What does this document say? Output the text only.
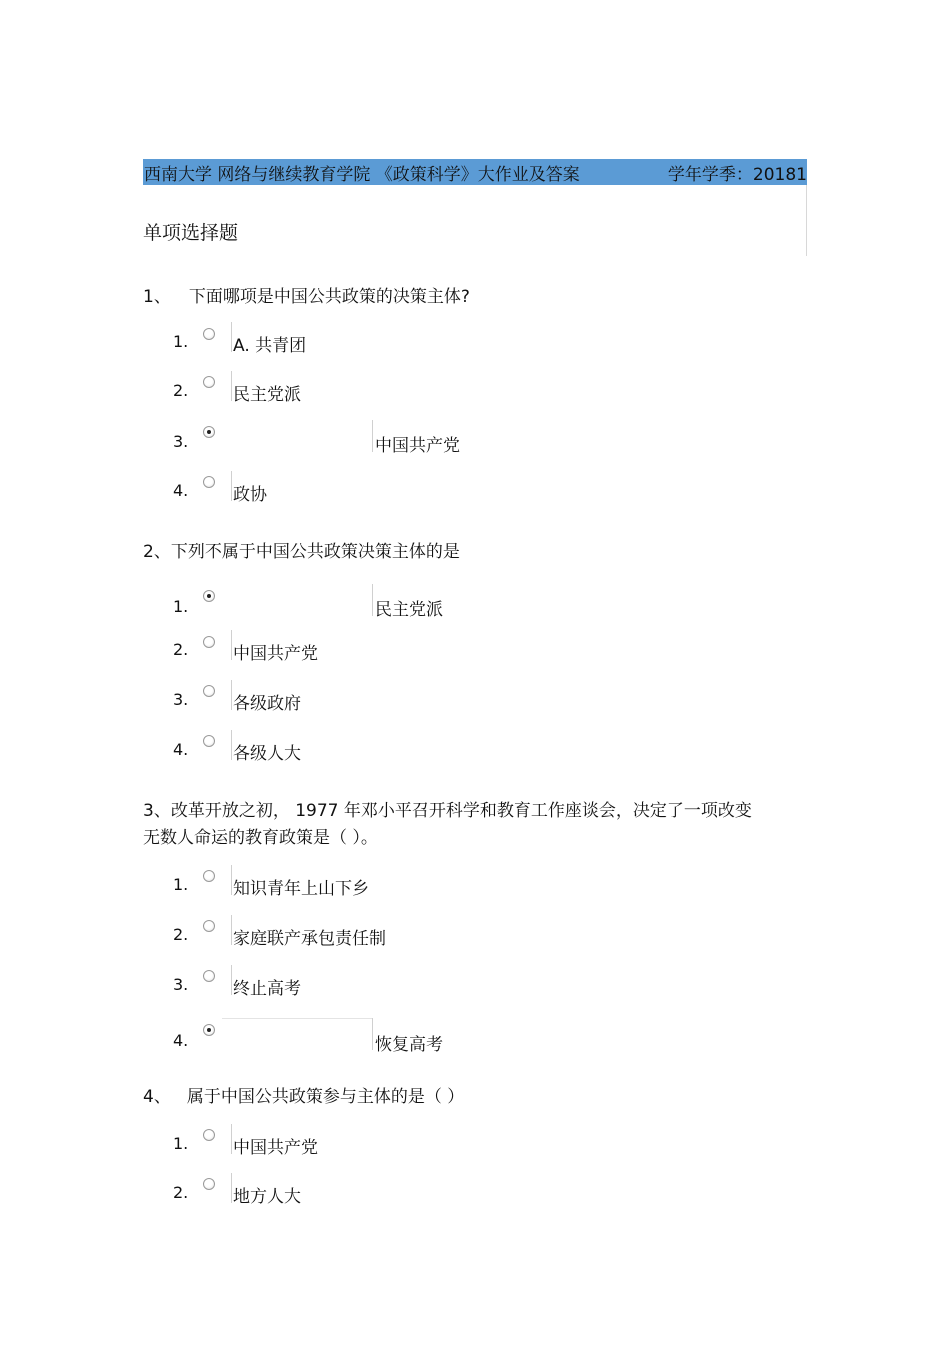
西南大学 网络与继续教育学院 《政策科学》大作业及答案	学年学季：20181
单项选择题
1、 下面哪项是中国公共政策的决策主体?
1.	A. 共青团
2.	民主党派
3.	中国共产党
4.	政协
2、下列不属于中国公共政策决策主体的是
1.	民主党派
2.	中国共产党
3.	各级政府
4.	各级人大
3、改革开放之初， 1977 年邓小平召开科学和教育工作座谈会，决定了一项改变
无数人命运的教育政策是（ ）。
1.	知识青年上山下乡
2.	家庭联产承包责任制
3.	终止高考
4.	恢复高考
4、 属于中国公共政策参与主体的是（ ）
1.	中国共产党
2.	地方人大
